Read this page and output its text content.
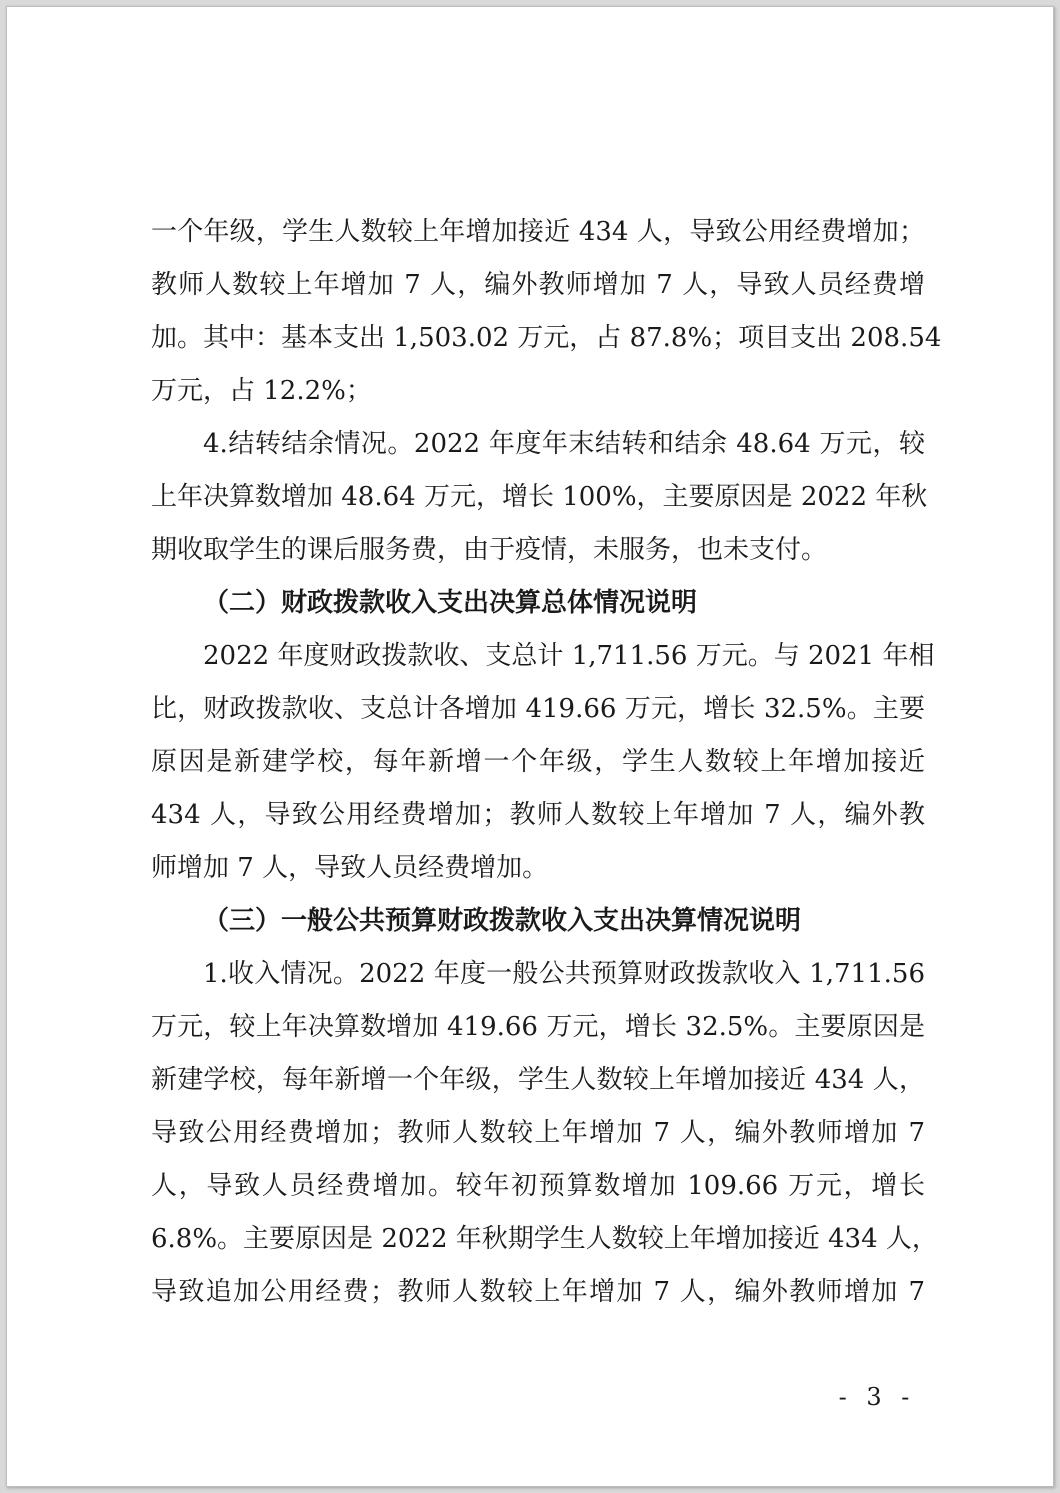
一个年级，学生人数较上年增加接近 434 人，导致公用经费增加；
教师人数较上年增加 7 人，编外教师增加 7 人，导致人员经费增
加。其中：基本支出 1,503.02 万元，占 87.8%；项目支出 208.54
万元，占 12.2%；
4.结转结余情况。2022 年度年末结转和结余 48.64 万元，较
上年决算数增加 48.64 万元，增长 100%，主要原因是 2022 年秋
期收取学生的课后服务费，由于疫情，未服务，也未支付。
（二）财政拨款收入支出决算总体情况说明
2022 年度财政拨款收、支总计 1,711.56 万元。与 2021 年相
比，财政拨款收、支总计各增加 419.66 万元，增长 32.5%。主要
原因是新建学校，每年新增一个年级，学生人数较上年增加接近
434 人，导致公用经费增加；教师人数较上年增加 7 人，编外教
师增加 7 人，导致人员经费增加。
（三）一般公共预算财政拨款收入支出决算情况说明
1.收入情况。2022 年度一般公共预算财政拨款收入 1,711.56
万元，较上年决算数增加 419.66 万元，增长 32.5%。主要原因是
新建学校，每年新增一个年级，学生人数较上年增加接近 434 人，
导致公用经费增加；教师人数较上年增加 7 人，编外教师增加 7
人，导致人员经费增加。较年初预算数增加 109.66 万元，增长
6.8%。主要原因是 2022 年秋期学生人数较上年增加接近 434 人，
导致追加公用经费；教师人数较上年增加 7 人，编外教师增加 7
- 3 -
